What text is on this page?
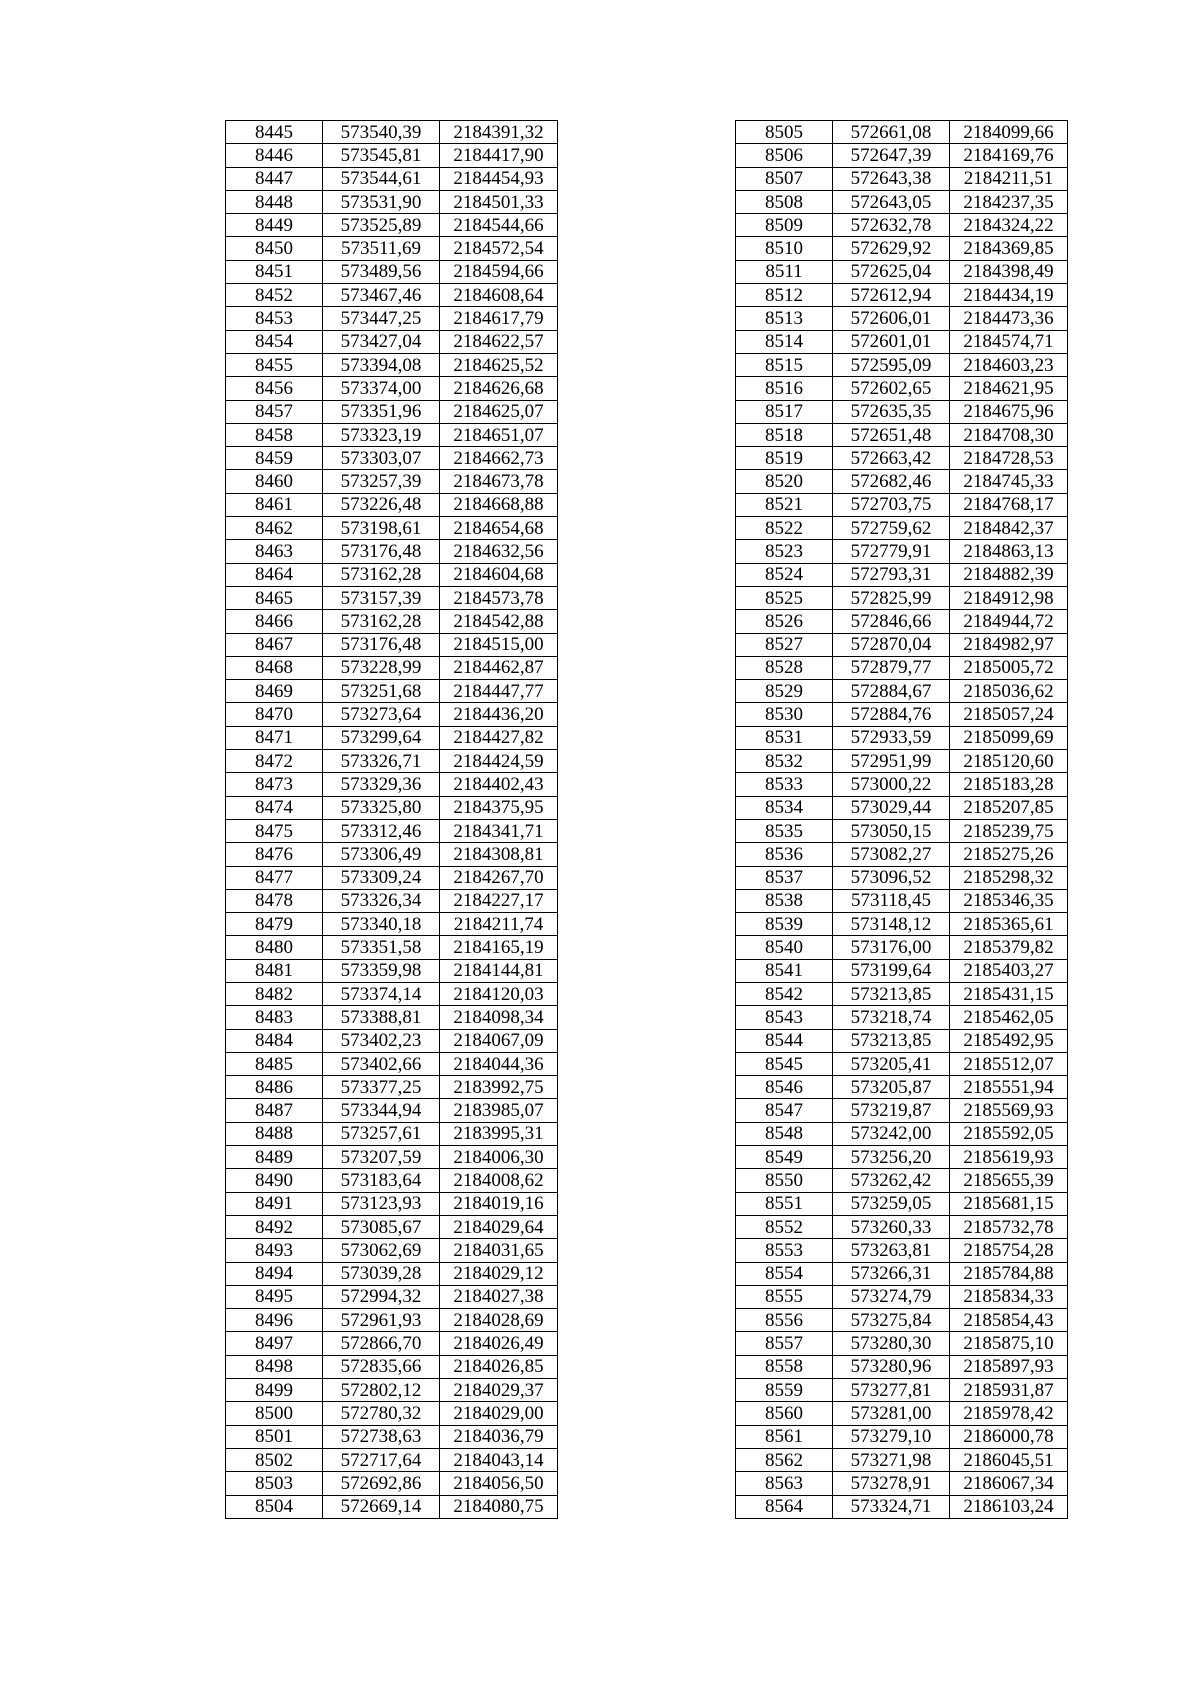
8445	573540,39	2184391,32
8446	573545,81	2184417,90
8447	573544,61	2184454,93
8448	573531,90	2184501,33
8449	573525,89	2184544,66
8450	573511,69	2184572,54
8451	573489,56	2184594,66
8452	573467,46	2184608,64
8453	573447,25	2184617,79
8454	573427,04	2184622,57
8455	573394,08	2184625,52
8456	573374,00	2184626,68
8457	573351,96	2184625,07
8458	573323,19	2184651,07
8459	573303,07	2184662,73
8460	573257,39	2184673,78
8461	573226,48	2184668,88
8462	573198,61	2184654,68
8463	573176,48	2184632,56
8464	573162,28	2184604,68
8465	573157,39	2184573,78
8466	573162,28	2184542,88
8467	573176,48	2184515,00
8468	573228,99	2184462,87
8469	573251,68	2184447,77
8470	573273,64	2184436,20
8471	573299,64	2184427,82
8472	573326,71	2184424,59
8473	573329,36	2184402,43
8474	573325,80	2184375,95
8475	573312,46	2184341,71
8476	573306,49	2184308,81
8477	573309,24	2184267,70
8478	573326,34	2184227,17
8479	573340,18	2184211,74
8480	573351,58	2184165,19
8481	573359,98	2184144,81
8482	573374,14	2184120,03
8483	573388,81	2184098,34
8484	573402,23	2184067,09
8485	573402,66	2184044,36
8486	573377,25	2183992,75
8487	573344,94	2183985,07
8488	573257,61	2183995,31
8489	573207,59	2184006,30
8490	573183,64	2184008,62
8491	573123,93	2184019,16
8492	573085,67	2184029,64
8493	573062,69	2184031,65
8494	573039,28	2184029,12
8495	572994,32	2184027,38
8496	572961,93	2184028,69
8497	572866,70	2184026,49
8498	572835,66	2184026,85
8499	572802,12	2184029,37
8500	572780,32	2184029,00
8501	572738,63	2184036,79
8502	572717,64	2184043,14
8503	572692,86	2184056,50
8504	572669,14	2184080,75
8505	572661,08	2184099,66
8506	572647,39	2184169,76
8507	572643,38	2184211,51
8508	572643,05	2184237,35
8509	572632,78	2184324,22
8510	572629,92	2184369,85
8511	572625,04	2184398,49
8512	572612,94	2184434,19
8513	572606,01	2184473,36
8514	572601,01	2184574,71
8515	572595,09	2184603,23
8516	572602,65	2184621,95
8517	572635,35	2184675,96
8518	572651,48	2184708,30
8519	572663,42	2184728,53
8520	572682,46	2184745,33
8521	572703,75	2184768,17
8522	572759,62	2184842,37
8523	572779,91	2184863,13
8524	572793,31	2184882,39
8525	572825,99	2184912,98
8526	572846,66	2184944,72
8527	572870,04	2184982,97
8528	572879,77	2185005,72
8529	572884,67	2185036,62
8530	572884,76	2185057,24
8531	572933,59	2185099,69
8532	572951,99	2185120,60
8533	573000,22	2185183,28
8534	573029,44	2185207,85
8535	573050,15	2185239,75
8536	573082,27	2185275,26
8537	573096,52	2185298,32
8538	573118,45	2185346,35
8539	573148,12	2185365,61
8540	573176,00	2185379,82
8541	573199,64	2185403,27
8542	573213,85	2185431,15
8543	573218,74	2185462,05
8544	573213,85	2185492,95
8545	573205,41	2185512,07
8546	573205,87	2185551,94
8547	573219,87	2185569,93
8548	573242,00	2185592,05
8549	573256,20	2185619,93
8550	573262,42	2185655,39
8551	573259,05	2185681,15
8552	573260,33	2185732,78
8553	573263,81	2185754,28
8554	573266,31	2185784,88
8555	573274,79	2185834,33
8556	573275,84	2185854,43
8557	573280,30	2185875,10
8558	573280,96	2185897,93
8559	573277,81	2185931,87
8560	573281,00	2185978,42
8561	573279,10	2186000,78
8562	573271,98	2186045,51
8563	573278,91	2186067,34
8564	573324,71	2186103,24
